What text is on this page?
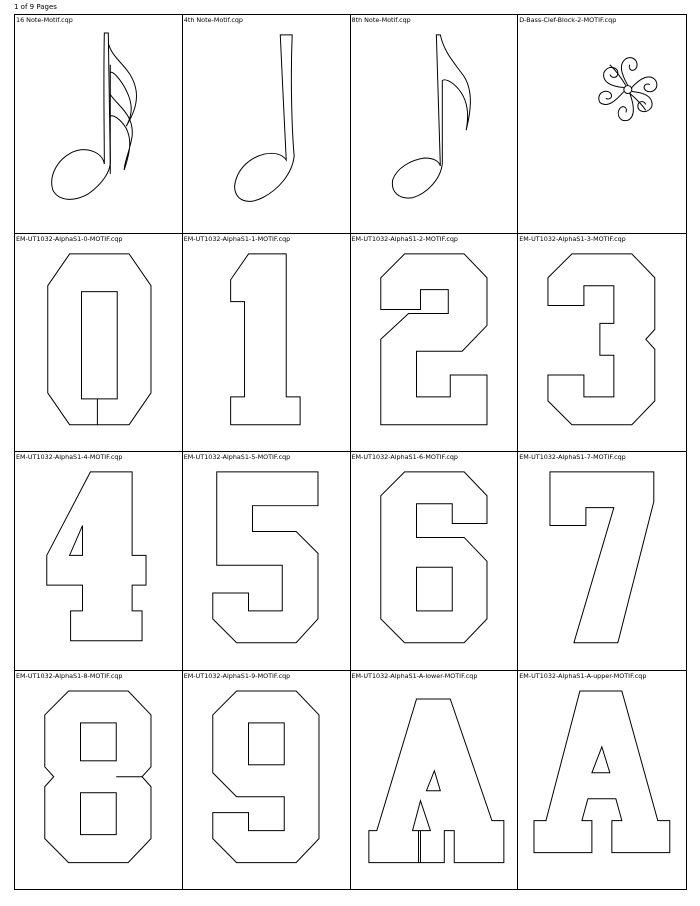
1 of 9 Pages
16 Note-Motif.cqp	4th Note-Motif.cqp	8th Note-Motif.cqp	D-Bass-Clef-Block-2-MOTIF.cqp
EM-UT1032-AlphaS1-0-MOTIF.cqp	EM-UT1032-AlphaS1-1-MOTIF.cqp	EM-UT1032-AlphaS1-2-MOTIF.cqp	EM-UT1032-AlphaS1-3-MOTIF.cqp
EM-UT1032-AlphaS1-4-MOTIF.cqp	EM-UT1032-AlphaS1-5-MOTIF.cqp	EM-UT1032-AlphaS1-6-MOTIF.cqp	EM-UT1032-AlphaS1-7-MOTIF.cqp
EM-UT1032-AlphaS1-8-MOTIF.cqp	EM-UT1032-AlphaS1-9-MOTIF.cqp	EM-UT1032-AlphaS1-A-lower-MOTIF.cqp	EM-UT1032-AlphaS1-A-upper-MOTIF.cqp
